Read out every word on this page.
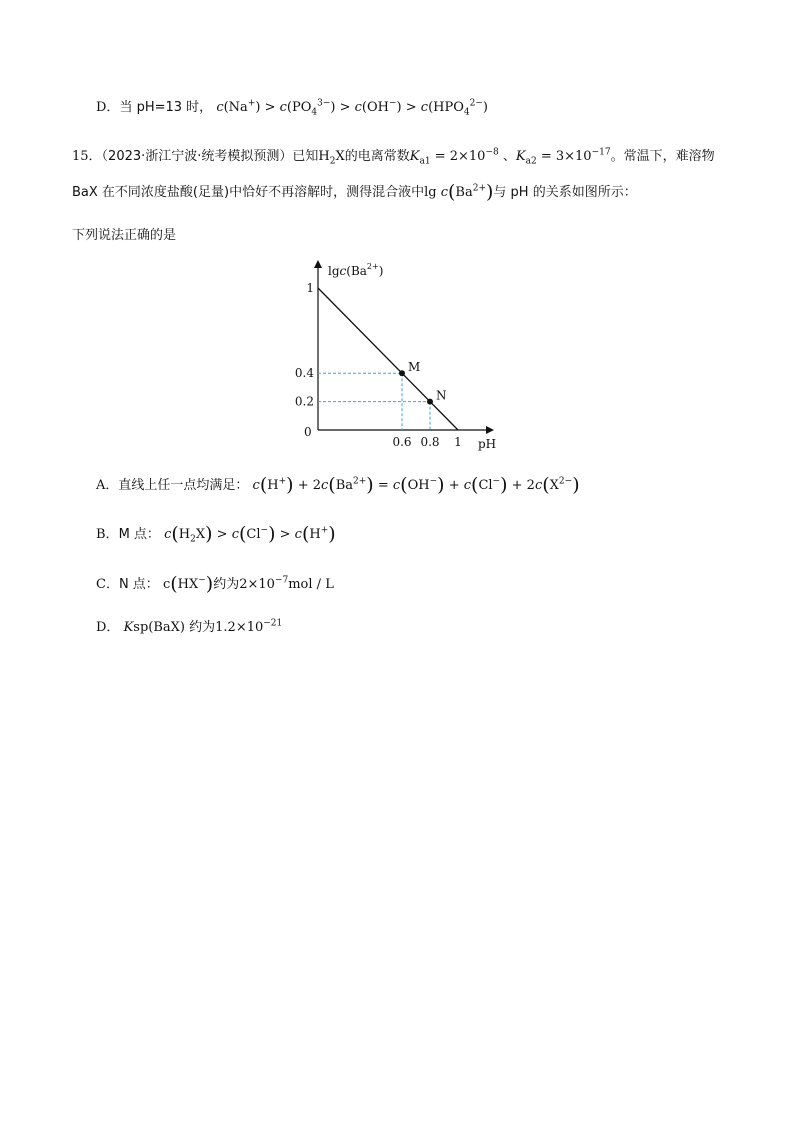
D．当 pH=13 时， $c(Na^+) > c(PO_4^{3-}) > c(OH^-) > c(HPO_4^{2-})$
15．（2023·浙江宁波·统考模拟预测）已知$H_2X$的电离常数$K_{a1} = 2\times 10^{-8}$ 、$K_{a2} = 3\times 10^{-17}$。常温下，难溶物
BaX 在不同浓度盐酸(足量)中恰好不再溶解时，测得混合液中$\lg c(Ba^{2+})$与 pH 的关系如图所示：
下列说法正确的是
0.6 0.8 1
0.2
0.4
1
M
N
$\lg c(Ba^{2+})$
pH
0
A．直线上任一点均满足： $c(H^+) + 2c(Ba^{2+}) = c(OH^-) + c(Cl^-) + 2c(X^{2-})$
B．M 点： $c(H_2X) > c(Cl^-) > c(H^+)$
C．N 点： c(HX−)约为$2\times 10^{-7}mol / L$
D． Ksp(BaX) 约为$1.2\times 10^{-21}$
